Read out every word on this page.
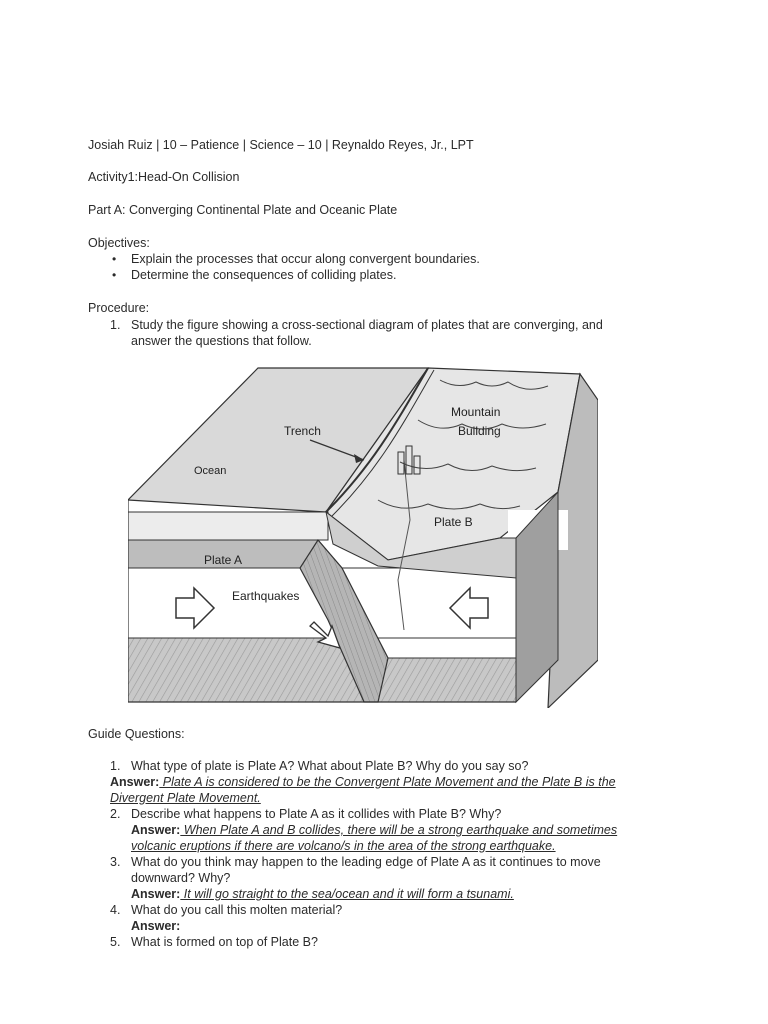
Josiah Ruiz | 10 – Patience | Science – 10 | Reynaldo Reyes, Jr., LPT
Activity1:Head-On Collision
Part A: Converging Continental Plate and Oceanic Plate
Objectives:
• Explain the processes that occur along convergent boundaries.
• Determine the consequences of colliding plates.
Procedure:
1. Study the figure showing a cross-sectional diagram of plates that are converging, and
answer the questions that follow.
Ocean
Trench
Mountain
Building
Plate B
Plate A
Earthquakes
Guide Questions:
1. What type of plate is Plate A? What about Plate B? Why do you say so?
Answer: Plate A is considered to be the Convergent Plate Movement and the Plate B is the
Divergent Plate Movement.
2. Describe what happens to Plate A as it collides with Plate B? Why?
Answer: When Plate A and B collides, there will be a strong earthquake and sometimes
volcanic eruptions if there are volcano/s in the area of the strong earthquake.
3. What do you think may happen to the leading edge of Plate A as it continues to move
downward? Why?
Answer: It will go straight to the sea/ocean and it will form a tsunami.
4. What do you call this molten material?
Answer:
5. What is formed on top of Plate B?
